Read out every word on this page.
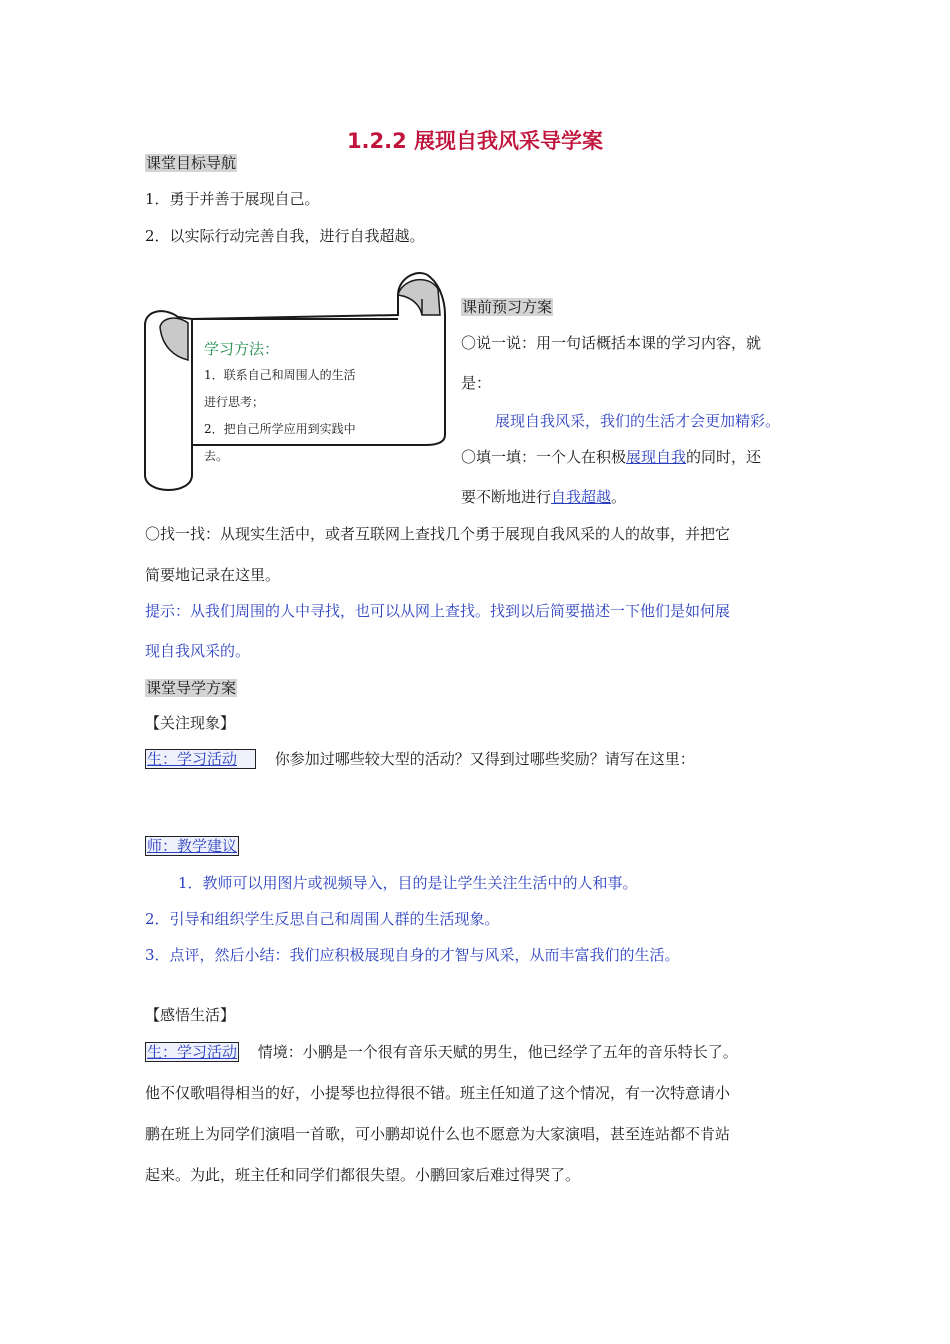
1.2.2 展现自我风采导学案
课堂目标导航
1．勇于并善于展现自己。
2．以实际行动完善自我，进行自我超越。
学习方法：
1．联系自己和周围人的生活
进行思考；
2．把自己所学应用到实践中
去。
课前预习方案
〇说一说：用一句话概括本课的学习内容，就
是：
展现自我风采，我们的生活才会更加精彩。
〇填一填：一个人在积极展现自我的同时，还
要不断地进行自我超越。
〇找一找：从现实生活中，或者互联网上查找几个勇于展现自我风采的人的故事，并把它
简要地记录在这里。
提示：从我们周围的人中寻找，也可以从网上查找。找到以后简要描述一下他们是如何展
现自我风采的。
课堂导学方案
【关注现象】
生：学习活动	你参加过哪些较大型的活动？又得到过哪些奖励？请写在这里：
师：教学建议
1．教师可以用图片或视频导入，目的是让学生关注生活中的人和事。
2．引导和组织学生反思自己和周围人群的生活现象。
3．点评，然后小结：我们应积极展现自身的才智与风采，从而丰富我们的生活。
【感悟生活】
生：学习活动 情境：小鹏是一个很有音乐天赋的男生，他已经学了五年的音乐特长了。
他不仅歌唱得相当的好，小提琴也拉得很不错。班主任知道了这个情况，有一次特意请小
鹏在班上为同学们演唱一首歌，可小鹏却说什么也不愿意为大家演唱，甚至连站都不肯站
起来。为此，班主任和同学们都很失望。小鹏回家后难过得哭了。
